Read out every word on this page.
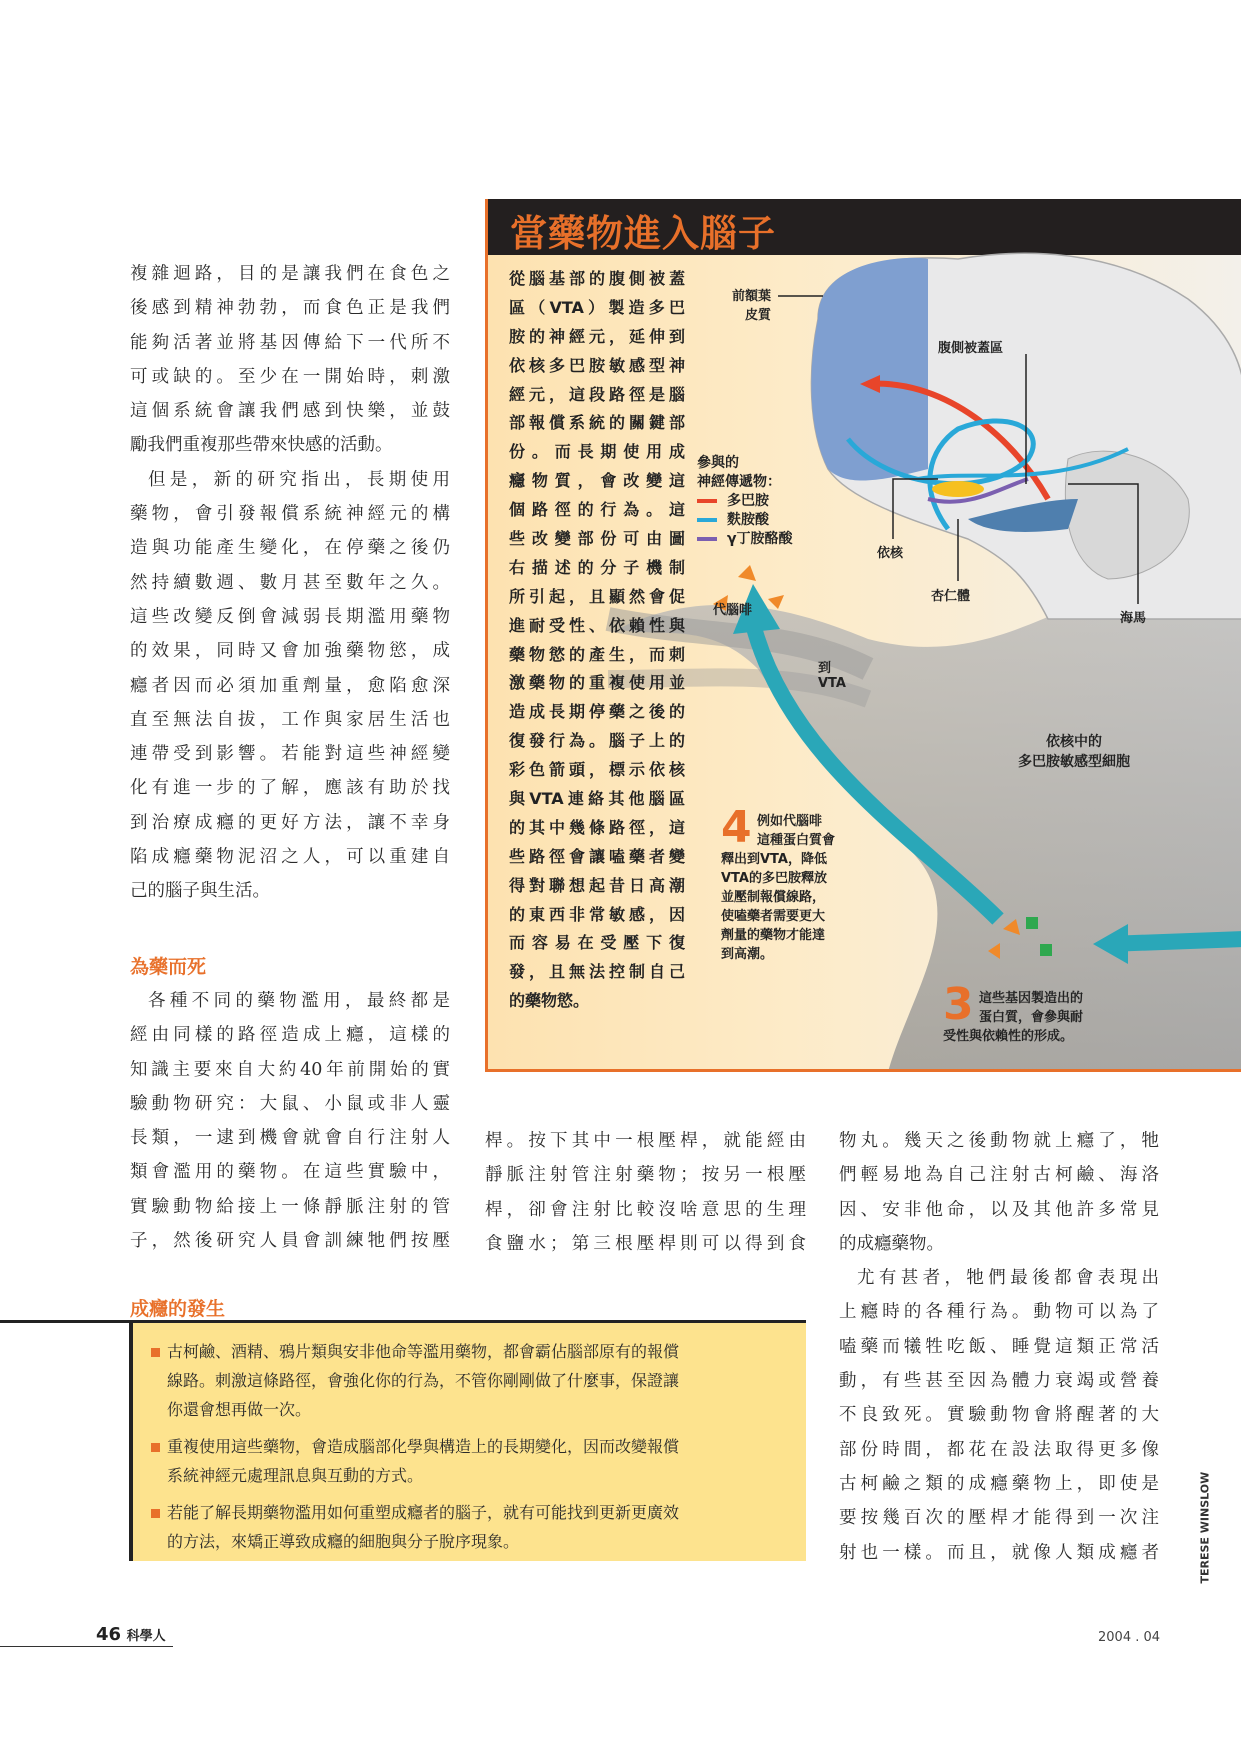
複雜迴路，目的是讓我們在食色之
後感到精神勃勃，而食色正是我們
能夠活著並將基因傳給下一代所不
可或缺的。至少在一開始時，刺激
這個系統會讓我們感到快樂，並鼓
勵我們重複那些帶來快感的活動。
但是，新的研究指出，長期使用
藥物，會引發報償系統神經元的構
造與功能產生變化，在停藥之後仍
然持續數週、數月甚至數年之久。
這些改變反倒會減弱長期濫用藥物
的效果，同時又會加強藥物慾，成
癮者因而必須加重劑量，愈陷愈深
直至無法自拔，工作與家居生活也
連帶受到影響。若能對這些神經變
化有進一步的了解，應該有助於找
到治療成癮的更好方法，讓不幸身
陷成癮藥物泥沼之人，可以重建自
己的腦子與生活。
為藥而死
各種不同的藥物濫用，最終都是
經由同樣的路徑造成上癮，這樣的
知識主要來自大約40年前開始的實
驗動物研究：大鼠、小鼠或非人靈
長類，一逮到機會就會自行注射人
類會濫用的藥物。在這些實驗中，
實驗動物給接上一條靜脈注射的管
子，然後研究人員會訓練牠們按壓
桿。按下其中一根壓桿，就能經由
靜脈注射管注射藥物；按另一根壓
桿，卻會注射比較沒啥意思的生理
食鹽水；第三根壓桿則可以得到食
物丸。幾天之後動物就上癮了，牠
們輕易地為自己注射古柯鹼、海洛
因、安非他命，以及其他許多常見
的成癮藥物。
尤有甚者，牠們最後都會表現出
上癮時的各種行為。動物可以為了
嗑藥而犧牲吃飯、睡覺這類正常活
動，有些甚至因為體力衰竭或營養
不良致死。實驗動物會將醒著的大
部份時間，都花在設法取得更多像
古柯鹼之類的成癮藥物上，即使是
要按幾百次的壓桿才能得到一次注
射也一樣。而且，就像人類成癮者
當藥物進入腦子
從腦基部的腹側被蓋
區（VTA）製造多巴
胺的神經元，延伸到
依核多巴胺敏感型神
經元，這段路徑是腦
部報償系統的關鍵部
份。而長期使用成
癮物質，會改變這
個路徑的行為。這
些改變部份可由圖
右描述的分子機制
所引起，且顯然會促
進耐受性、依賴性與
藥物慾的產生，而刺
激藥物的重複使用並
造成長期停藥之後的
復發行為。腦子上的
彩色箭頭，標示依核
與VTA連絡其他腦區
的其中幾條路徑，這
些路徑會讓嗑藥者變
得對聯想起昔日高潮
的東西非常敏感，因
而容易在受壓下復
發，且無法控制自己
的藥物慾。
前額葉
皮質
腹側被蓋區
依核
杏仁體
海馬
代腦啡
到
VTA
依核中的
多巴胺敏感型細胞
參與的
神經傳遞物：
多巴胺
麩胺酸
γ丁胺酪酸
4 例如代腦啡
這種蛋白質會
釋出到VTA，降低
VTA的多巴胺釋放
並壓制報償線路，
使嗑藥者需要更大
劑量的藥物才能達
到高潮。
3 這些基因製造出的
蛋白質，會參與耐
受性與依賴性的形成。
成癮的發生
古柯鹼、酒精、鴉片類與安非他命等濫用藥物，都會霸佔腦部原有的報償
線路。刺激這條路徑，會強化你的行為，不管你剛剛做了什麼事，保證讓
你還會想再做一次。
重複使用這些藥物，會造成腦部化學與構造上的長期變化，因而改變報償
系統神經元處理訊息與互動的方式。
若能了解長期藥物濫用如何重塑成癮者的腦子，就有可能找到更新更廣效
的方法，來矯正導致成癮的細胞與分子脫序現象。	TERESE WINSLOW
46 科學人	2004 . 04
